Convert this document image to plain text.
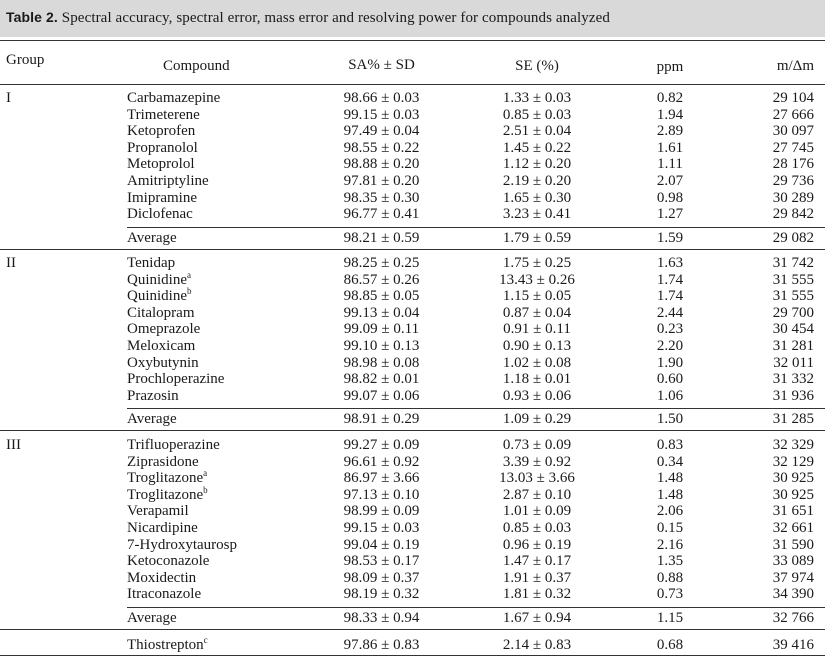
Table 2. Spectral accuracy, spectral error, mass error and resolving power for compounds analyzed
Group	Compound	SA% ± SD	SE (%)	ppm	m/Δm
I	Carbamazepine	98.66 ± 0.03	1.33 ± 0.03	0.82	29 104
Trimeterene	99.15 ± 0.03	0.85 ± 0.03	1.94	27 666
Ketoprofen	97.49 ± 0.04	2.51 ± 0.04	2.89	30 097
Propranolol	98.55 ± 0.22	1.45 ± 0.22	1.61	27 745
Metoprolol	98.88 ± 0.20	1.12 ± 0.20	1.11	28 176
Amitriptyline	97.81 ± 0.20	2.19 ± 0.20	2.07	29 736
Imipramine	98.35 ± 0.30	1.65 ± 0.30	0.98	30 289
Diclofenac	96.77 ± 0.41	3.23 ± 0.41	1.27	29 842
Average	98.21 ± 0.59	1.79 ± 0.59	1.59	29 082
II	Tenidap	98.25 ± 0.25	1.75 ± 0.25	1.63	31 742
Quinidine$^a$	86.57 ± 0.26	13.43 ± 0.26	1.74	31 555
Quinidine$^b$	98.85 ± 0.05	1.15 ± 0.05	1.74	31 555
Citalopram	99.13 ± 0.04	0.87 ± 0.04	2.44	29 700
Omeprazole	99.09 ± 0.11	0.91 ± 0.11	0.23	30 454
Meloxicam	99.10 ± 0.13	0.90 ± 0.13	2.20	31 281
Oxybutynin	98.98 ± 0.08	1.02 ± 0.08	1.90	32 011
Prochloperazine	98.82 ± 0.01	1.18 ± 0.01	0.60	31 332
Prazosin	99.07 ± 0.06	0.93 ± 0.06	1.06	31 936
Average	98.91 ± 0.29	1.09 ± 0.29	1.50	31 285
III	Trifluoperazine	99.27 ± 0.09	0.73 ± 0.09	0.83	32 329
Ziprasidone	96.61 ± 0.92	3.39 ± 0.92	0.34	32 129
Troglitazone$^a$	86.97 ± 3.66	13.03 ± 3.66	1.48	30 925
Troglitazone$^b$	97.13 ± 0.10	2.87 ± 0.10	1.48	30 925
Verapamil	98.99 ± 0.09	1.01 ± 0.09	2.06	31 651
Nicardipine	99.15 ± 0.03	0.85 ± 0.03	0.15	32 661
7-Hydroxytaurosp	99.04 ± 0.19	0.96 ± 0.19	2.16	31 590
Ketoconazole	98.53 ± 0.17	1.47 ± 0.17	1.35	33 089
Moxidectin	98.09 ± 0.37	1.91 ± 0.37	0.88	37 974
Itraconazole	98.19 ± 0.32	1.81 ± 0.32	0.73	34 390
Average	98.33 ± 0.94	1.67 ± 0.94	1.15	32 766
Thiostrepton$^c$	97.86 ± 0.83	2.14 ± 0.83	0.68	39 416
